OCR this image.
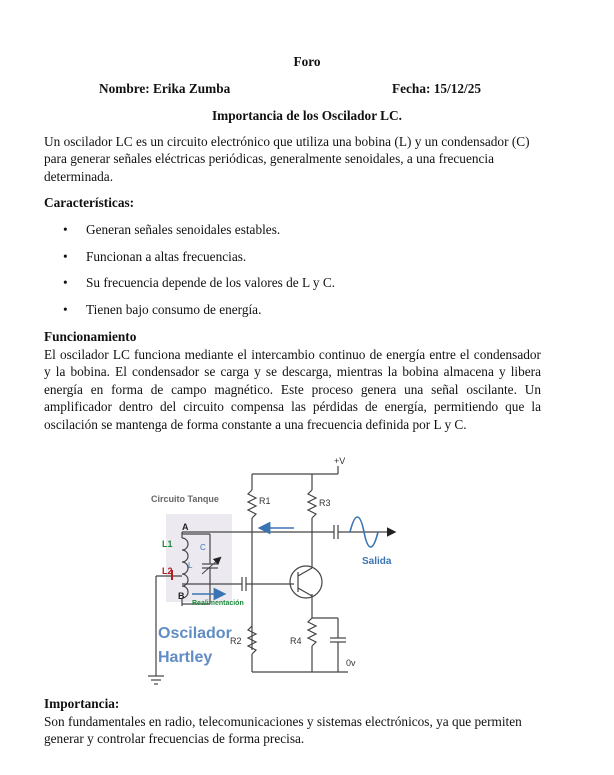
Foro
Nombre: Erika Zumba	Fecha: 15/12/25
Importancia de los Oscilador LC.
Un oscilador LC es un circuito electrónico que utiliza una bobina (L) y un condensador (C) para generar señales eléctricas periódicas, generalmente senoidales, a una frecuencia determinada.
Características:
• Generan señales senoidales estables.
• Funcionan a altas frecuencias.
• Su frecuencia depende de los valores de L y C.
• Tienen bajo consumo de energía.
Funcionamiento
El oscilador LC funciona mediante el intercambio continuo de energía entre el condensador y la bobina. El condensador se carga y se descarga, mientras la bobina almacena y libera energía en forma de campo magnético. Este proceso genera una señal oscilante. Un amplificador dentro del circuito compensa las pérdidas de energía, permitiendo que la oscilación se mantenga de forma constante a una frecuencia definida por L y C.
Circuito Tanque
+V
R1	R3
R2	R4
A
B
L1
L2
C
L
Realimentación
Salida
0v
Oscilador
Hartley
Importancia:
Son fundamentales en radio, telecomunicaciones y sistemas electrónicos, ya que permiten generar y controlar frecuencias de forma precisa.
